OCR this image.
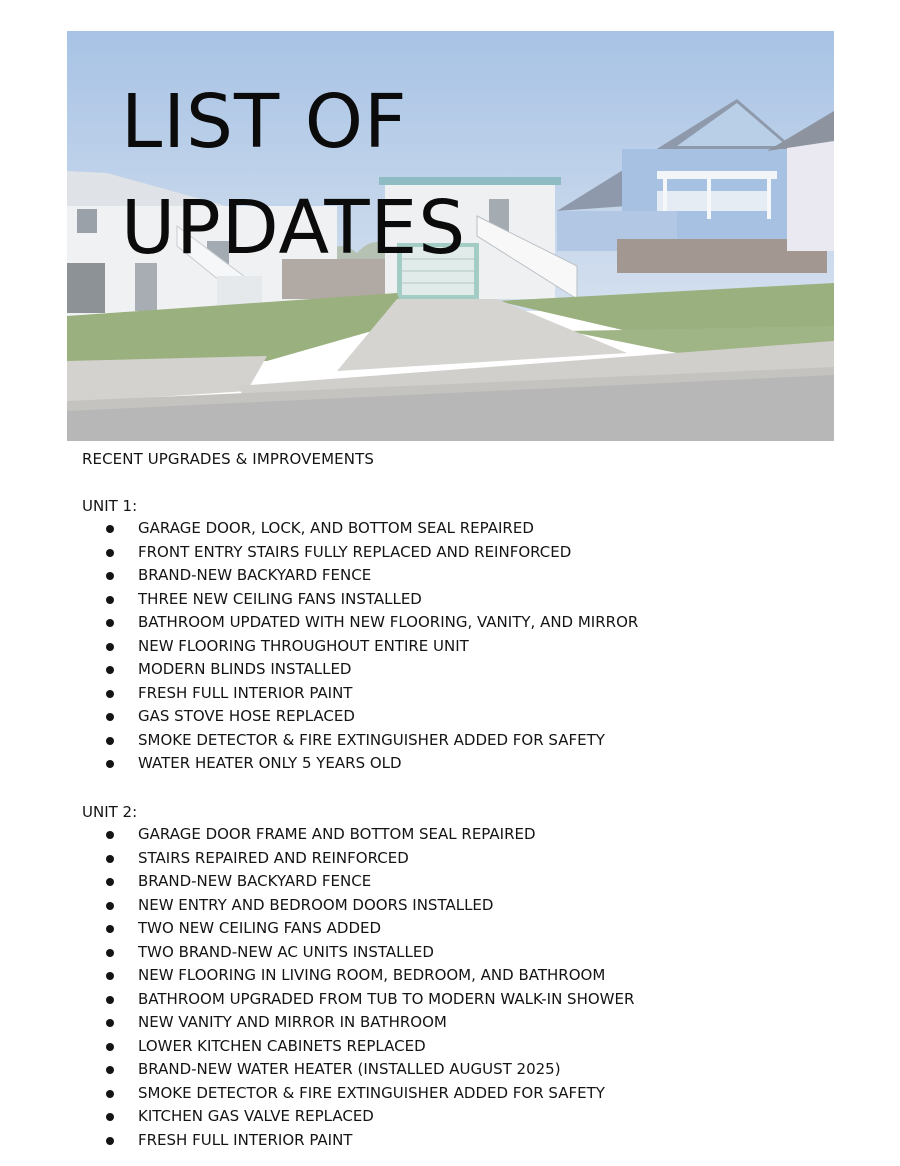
LIST OF
UPDATES
RECENT UPGRADES & IMPROVEMENTS
UNIT 1:
GARAGE DOOR, LOCK, AND BOTTOM SEAL REPAIRED
FRONT ENTRY STAIRS FULLY REPLACED AND REINFORCED
BRAND-NEW BACKYARD FENCE
THREE NEW CEILING FANS INSTALLED
BATHROOM UPDATED WITH NEW FLOORING, VANITY, AND MIRROR
NEW FLOORING THROUGHOUT ENTIRE UNIT
MODERN BLINDS INSTALLED
FRESH FULL INTERIOR PAINT
GAS STOVE HOSE REPLACED
SMOKE DETECTOR & FIRE EXTINGUISHER ADDED FOR SAFETY
WATER HEATER ONLY 5 YEARS OLD
UNIT 2:
GARAGE DOOR FRAME AND BOTTOM SEAL REPAIRED
STAIRS REPAIRED AND REINFORCED
BRAND-NEW BACKYARD FENCE
NEW ENTRY AND BEDROOM DOORS INSTALLED
TWO NEW CEILING FANS ADDED
TWO BRAND-NEW AC UNITS INSTALLED
NEW FLOORING IN LIVING ROOM, BEDROOM, AND BATHROOM
BATHROOM UPGRADED FROM TUB TO MODERN WALK-IN SHOWER
NEW VANITY AND MIRROR IN BATHROOM
LOWER KITCHEN CABINETS REPLACED
BRAND-NEW WATER HEATER (INSTALLED AUGUST 2025)
SMOKE DETECTOR & FIRE EXTINGUISHER ADDED FOR SAFETY
KITCHEN GAS VALVE REPLACED
FRESH FULL INTERIOR PAINT
